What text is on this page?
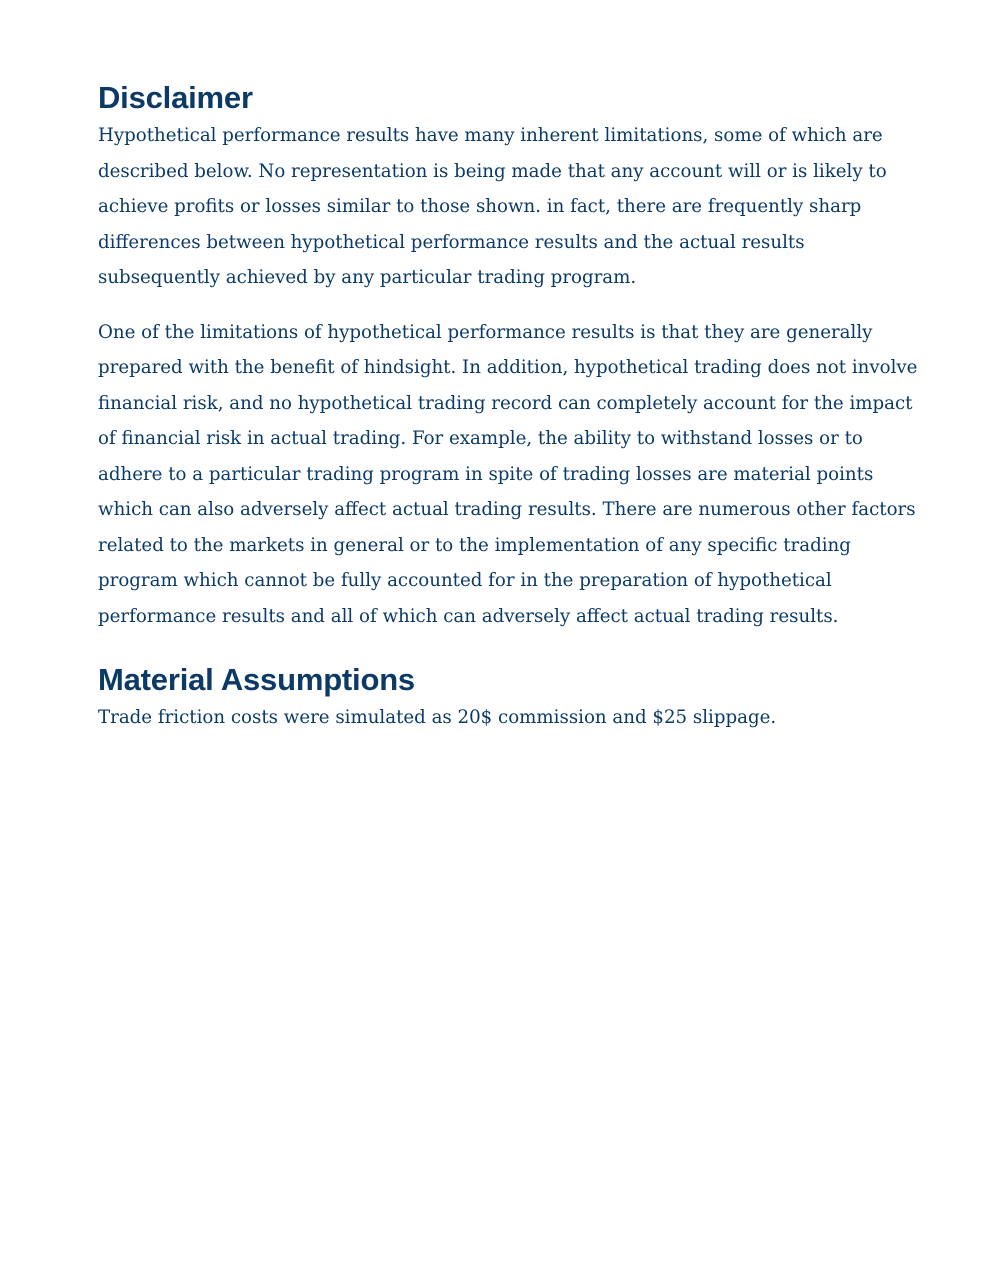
Disclaimer

Hypothetical performance results have many inherent limitations, some of which are described below. No representation is being made that any account will or is likely to achieve profits or losses similar to those shown. in fact, there are frequently sharp differences between hypothetical performance results and the actual results subsequently achieved by any particular trading program.

One of the limitations of hypothetical performance results is that they are generally prepared with the benefit of hindsight. In addition, hypothetical trading does not involve financial risk, and no hypothetical trading record can completely account for the impact of financial risk in actual trading. For example, the ability to withstand losses or to adhere to a particular trading program in spite of trading losses are material points which can also adversely affect actual trading results. There are numerous other factors related to the markets in general or to the implementation of any specific trading program which cannot be fully accounted for in the preparation of hypothetical performance results and all of which can adversely affect actual trading results.

Material Assumptions

Trade friction costs were simulated as 20$ commission and $25 slippage.
